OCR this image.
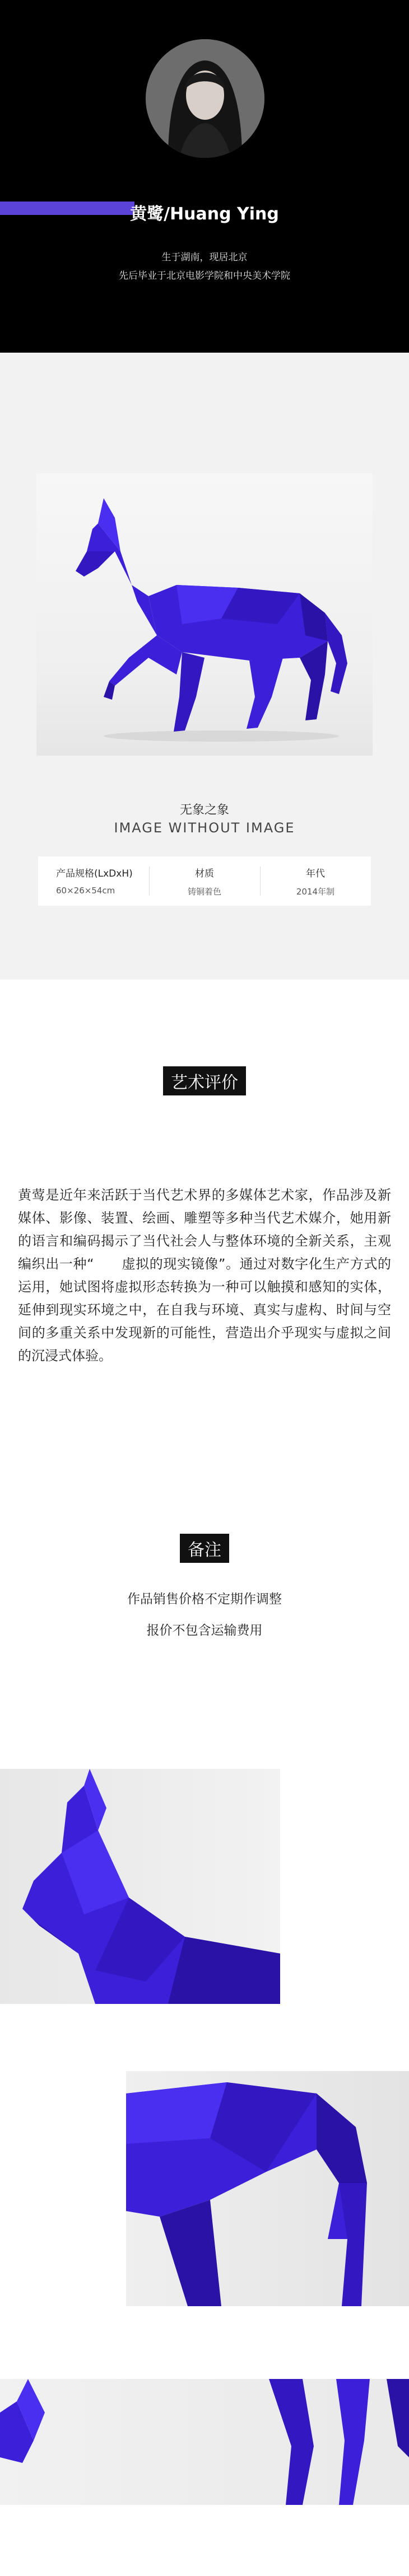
黄鹭/Huang Ying
生于湖南，现居北京
先后毕业于北京电影学院和中央美术学院
无象之象
IMAGE WITHOUT IMAGE
产品规格(LxDxH)
60×26×54cm
材质
铸铜着色
年代
2014年制
艺术评价
黄莺是近年来活跃于当代艺术界的多媒体艺术家，作品涉及新媒体、影像、装置、绘画、雕塑等多种当代艺术媒介，她用新的语言和编码揭示了当代社会人与整体环境的全新关系，主观编织出一种“　　虚拟的现实镜像”。通过对数字化生产方式的运用，她试图将虚拟形态转换为一种可以触摸和感知的实体，延伸到现实环境之中，在自我与环境、真实与虚构、时间与空间的多重关系中发现新的可能性，营造出介乎现实与虚拟之间的沉浸式体验。
备注
作品销售价格不定期作调整
报价不包含运输费用
